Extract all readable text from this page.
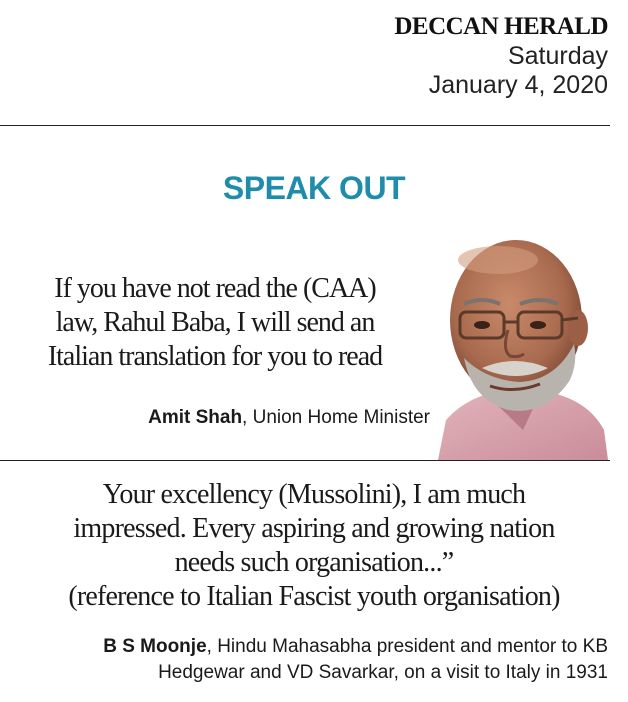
DECCAN HERALD
Saturday
January 4, 2020
SPEAK OUT
If you have not read the (CAA)
law, Rahul Baba, I will send an
Italian translation for you to read
Amit Shah, Union Home Minister
Your excellency (Mussolini), I am much
impressed. Every aspiring and growing nation
needs such organisation...”
(reference to Italian Fascist youth organisation)
B S Moonje, Hindu Mahasabha president and mentor to KB
Hedgewar and VD Savarkar, on a visit to Italy in 1931
